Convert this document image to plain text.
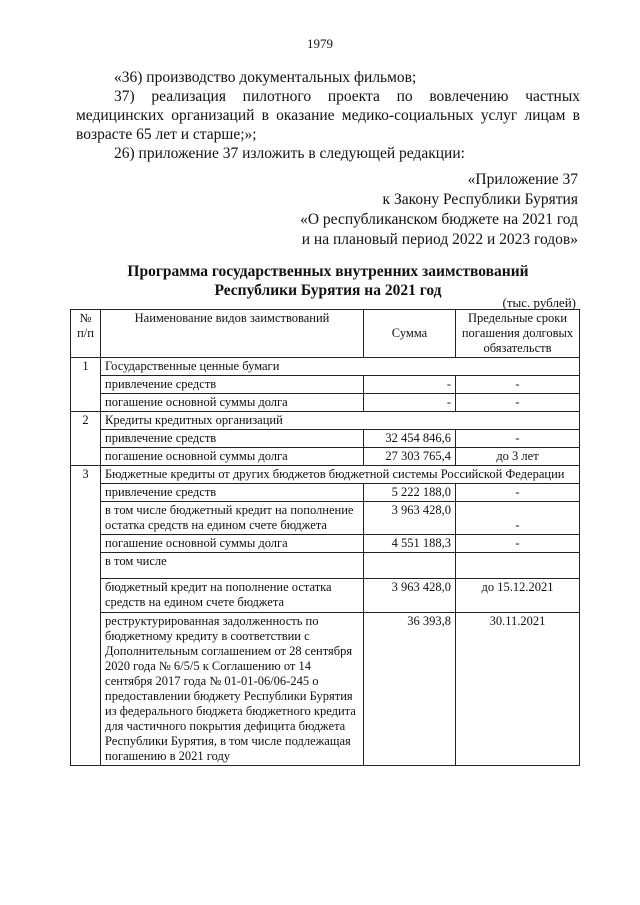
1979
«36) производство документальных фильмов;
37) реализация пилотного проекта по вовлечению частных
медицинских организаций в оказание медико-социальных услуг лицам в
возрасте 65 лет и старше;»;
26) приложение 37 изложить в следующей редакции:
«Приложение 37
к Закону Республики Бурятия
«О республиканском бюджете на 2021 год
и на плановый период 2022 и 2023 годов»
Программа государственных внутренних заимствований
Республики Бурятия на 2021 год
(тыс. рублей)
№ п/п	Наименование видов заимствований	Сумма	Предельные сроки погашения долговых обязательств
1	Государственные ценные бумаги		
	привлечение средств	-	-
	погашение основной суммы долга	-	-
2	Кредиты кредитных организаций		
	привлечение средств	32 454 846,6	-
	погашение основной суммы долга	27 303 765,4	до 3 лет
3	Бюджетные кредиты от других бюджетов бюджетной системы Российской Федерации		
	привлечение средств	5 222 188,0	-
	в том числе бюджетный кредит на пополнение остатка средств на едином счете бюджета	3 963 428,0	-
	погашение основной суммы долга	4 551 188,3	-
	в том числе		
	бюджетный кредит на пополнение остатка средств на едином счете бюджета	3 963 428,0	до 15.12.2021
	реструктурированная задолженность по бюджетному кредиту в соответствии с Дополнительным соглашением от 28 сентября 2020 года № 6/5/5 к Соглашению от 14 сентября 2017 года № 01-01-06/06-245 о предоставлении бюджету Республики Бурятия из федерального бюджета бюджетного кредита для частичного покрытия дефицита бюджета Республики Бурятия, в том числе подлежащая погашению в 2021 году	36 393,8	30.11.2021
